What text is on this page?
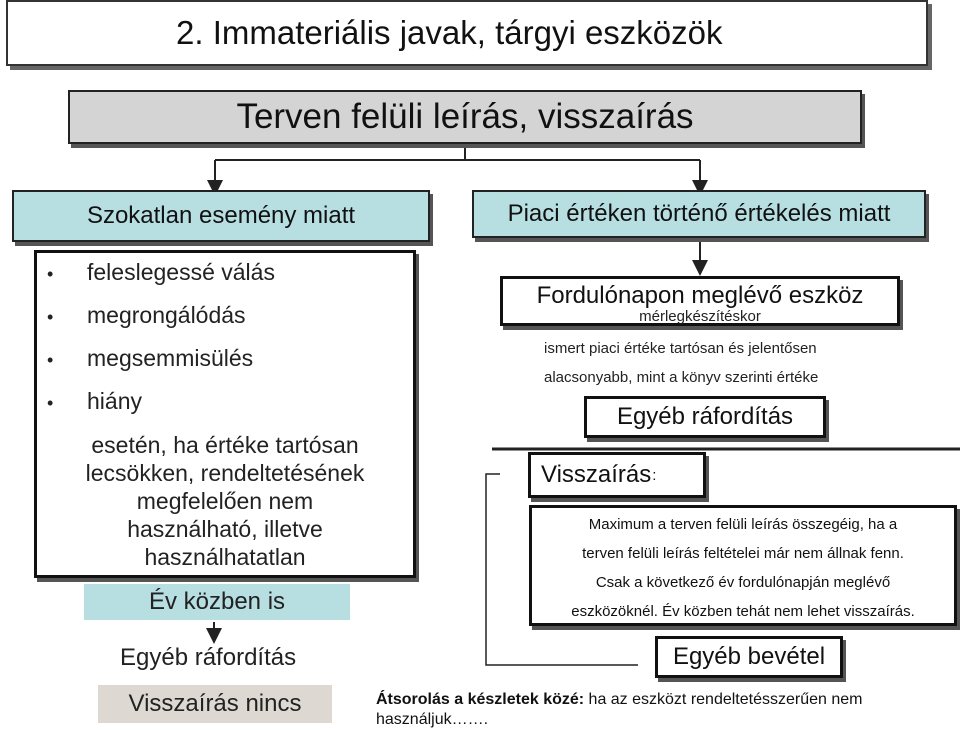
2. Immateriális javak, tárgyi eszközök
Terven felüli leírás, visszaírás
Szokatlan esemény miatt	Piaci értéken történő értékelés miatt
• feleslegessé válás
• megrongálódás
• megsemmisülés
• hiány
esetén, ha értéke tartósan
lecsökken, rendeltetésének
megfelelően nem
használható, illetve
használhatatlan
Év közben is
Egyéb ráfordítás
Visszaírás nincs
Fordulónapon meglévő eszköz
mérlegkészítéskor
ismert piaci értéke tartósan és jelentősen
alacsonyabb, mint a könyv szerinti értéke
Egyéb ráfordítás
Visszaírás :
Maximum a terven felüli leírás összegéig, ha a
terven felüli leírás feltételei már nem állnak fenn.
Csak a következő év fordulónapján meglévő
eszközöknél. Év közben tehát nem lehet visszaírás.
Egyéb bevétel
Átsorolás a készletek közé: ha az eszközt rendeltetésszerűen nem
használjuk…….
